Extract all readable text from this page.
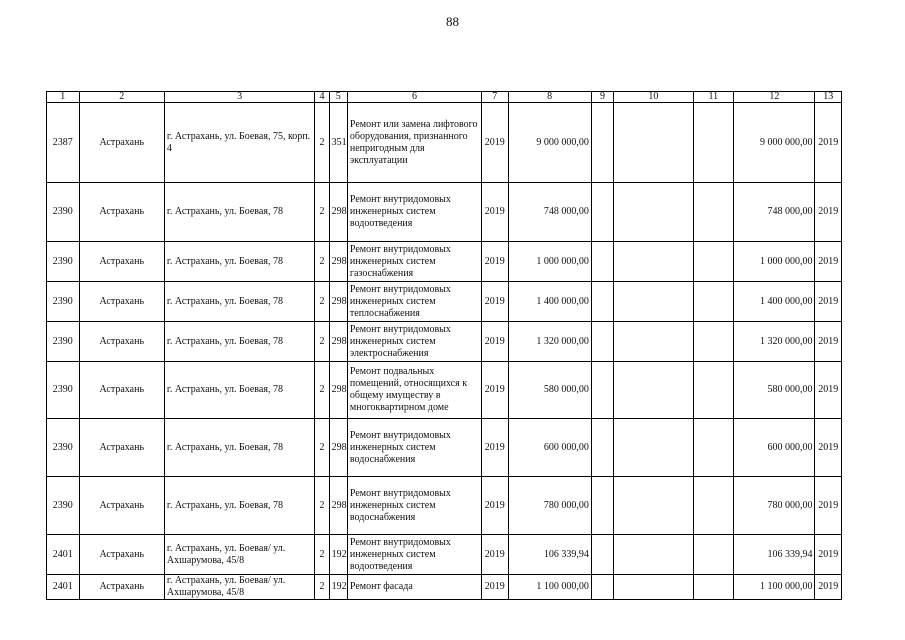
88
1	2	3	4	5	6	7	8	9	10	11	12	13
2387	Астрахань	г. Астрахань, ул. Боевая, 75, корп. 4	2	351	Ремонт или замена лифтового оборудования, признанного непригодным для эксплуатации	2019	9 000 000,00				9 000 000,00	2019
2390	Астрахань	г. Астрахань, ул. Боевая, 78	2	298	Ремонт внутридомовых инженерных систем водоотведения	2019	748 000,00				748 000,00	2019
2390	Астрахань	г. Астрахань, ул. Боевая, 78	2	298	Ремонт внутридомовых инженерных систем газоснабжения	2019	1 000 000,00				1 000 000,00	2019
2390	Астрахань	г. Астрахань, ул. Боевая, 78	2	298	Ремонт внутридомовых инженерных систем теплоснабжения	2019	1 400 000,00				1 400 000,00	2019
2390	Астрахань	г. Астрахань, ул. Боевая, 78	2	298	Ремонт внутридомовых инженерных систем электроснабжения	2019	1 320 000,00				1 320 000,00	2019
2390	Астрахань	г. Астрахань, ул. Боевая, 78	2	298	Ремонт подвальных помещений, относящихся к общему имуществу в многоквартирном доме	2019	580 000,00				580 000,00	2019
2390	Астрахань	г. Астрахань, ул. Боевая, 78	2	298	Ремонт внутридомовых инженерных систем водоснабжения	2019	600 000,00				600 000,00	2019
2390	Астрахань	г. Астрахань, ул. Боевая, 78	2	298	Ремонт внутридомовых инженерных систем водоснабжения	2019	780 000,00				780 000,00	2019
2401	Астрахань	г. Астрахань, ул. Боевая/ ул. Ахшарумова, 45/8	2	192	Ремонт внутридомовых инженерных систем водоотведения	2019	106 339,94				106 339,94	2019
2401	Астрахань	г. Астрахань, ул. Боевая/ ул. Ахшарумова, 45/8	2	192	Ремонт фасада	2019	1 100 000,00				1 100 000,00	2019
